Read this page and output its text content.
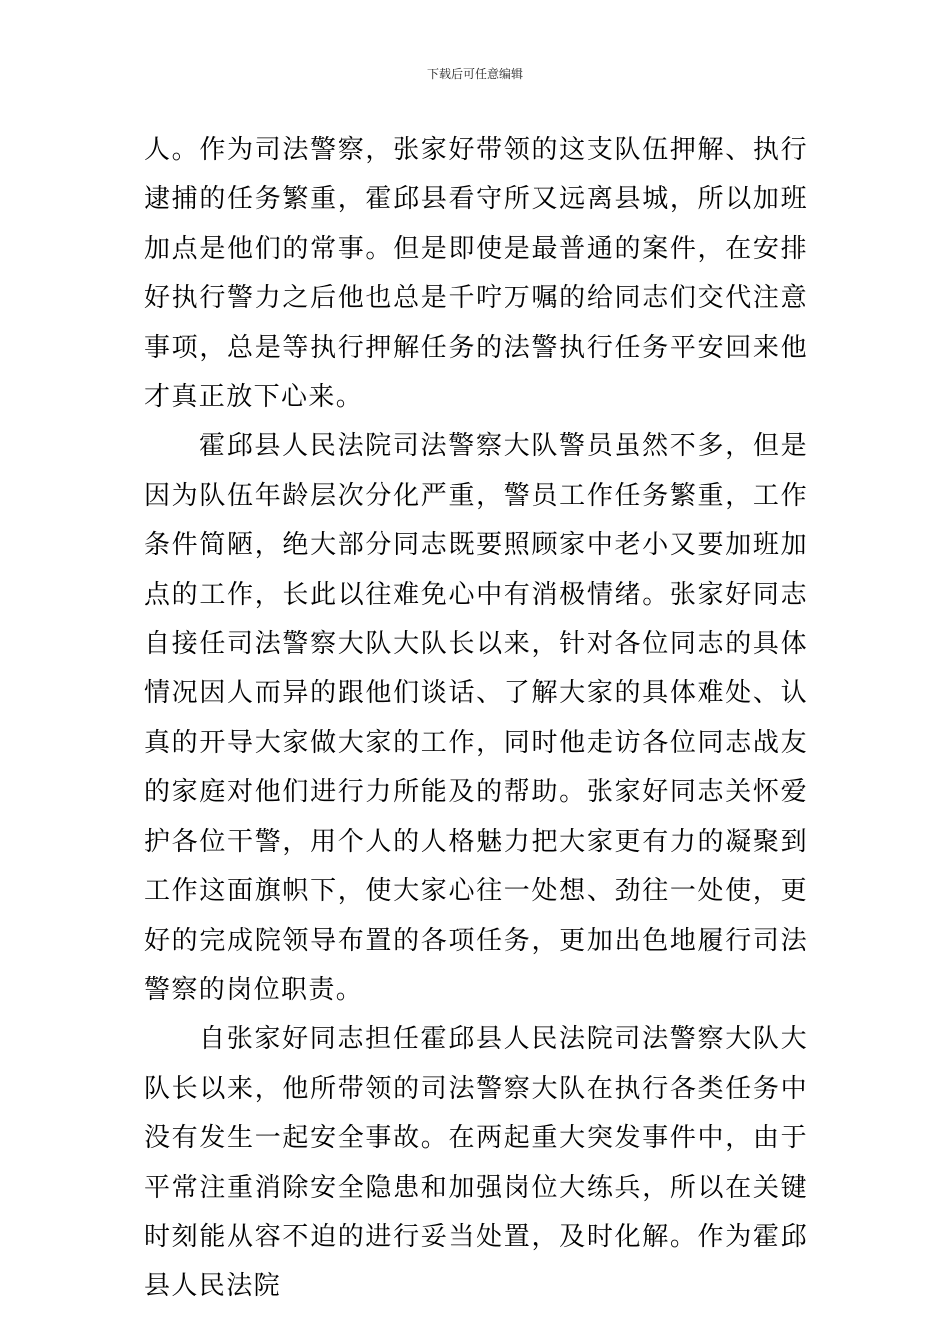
下载后可任意编辑

人。作为司法警察，张家好带领的这支队伍押解、执行逮捕的任务繁重，霍邱县看守所又远离县城，所以加班加点是他们的常事。但是即使是最普通的案件，在安排好执行警力之后他也总是千咛万嘱的给同志们交代注意事项，总是等执行押解任务的法警执行任务平安回来他才真正放下心来。

霍邱县人民法院司法警察大队警员虽然不多，但是因为队伍年龄层次分化严重，警员工作任务繁重，工作条件简陋，绝大部分同志既要照顾家中老小又要加班加点的工作，长此以往难免心中有消极情绪。张家好同志自接任司法警察大队大队长以来，针对各位同志的具体情况因人而异的跟他们谈话、了解大家的具体难处、认真的开导大家做大家的工作，同时他走访各位同志战友的家庭对他们进行力所能及的帮助。张家好同志关怀爱护各位干警，用个人的人格魅力把大家更有力的凝聚到工作这面旗帜下，使大家心往一处想、劲往一处使，更好的完成院领导布置的各项任务，更加出色地履行司法警察的岗位职责。

自张家好同志担任霍邱县人民法院司法警察大队大队长以来，他所带领的司法警察大队在执行各类任务中没有发生一起安全事故。在两起重大突发事件中，由于平常注重消除安全隐患和加强岗位大练兵，所以在关键时刻能从容不迫的进行妥当处置，及时化解。作为霍邱县人民法院
